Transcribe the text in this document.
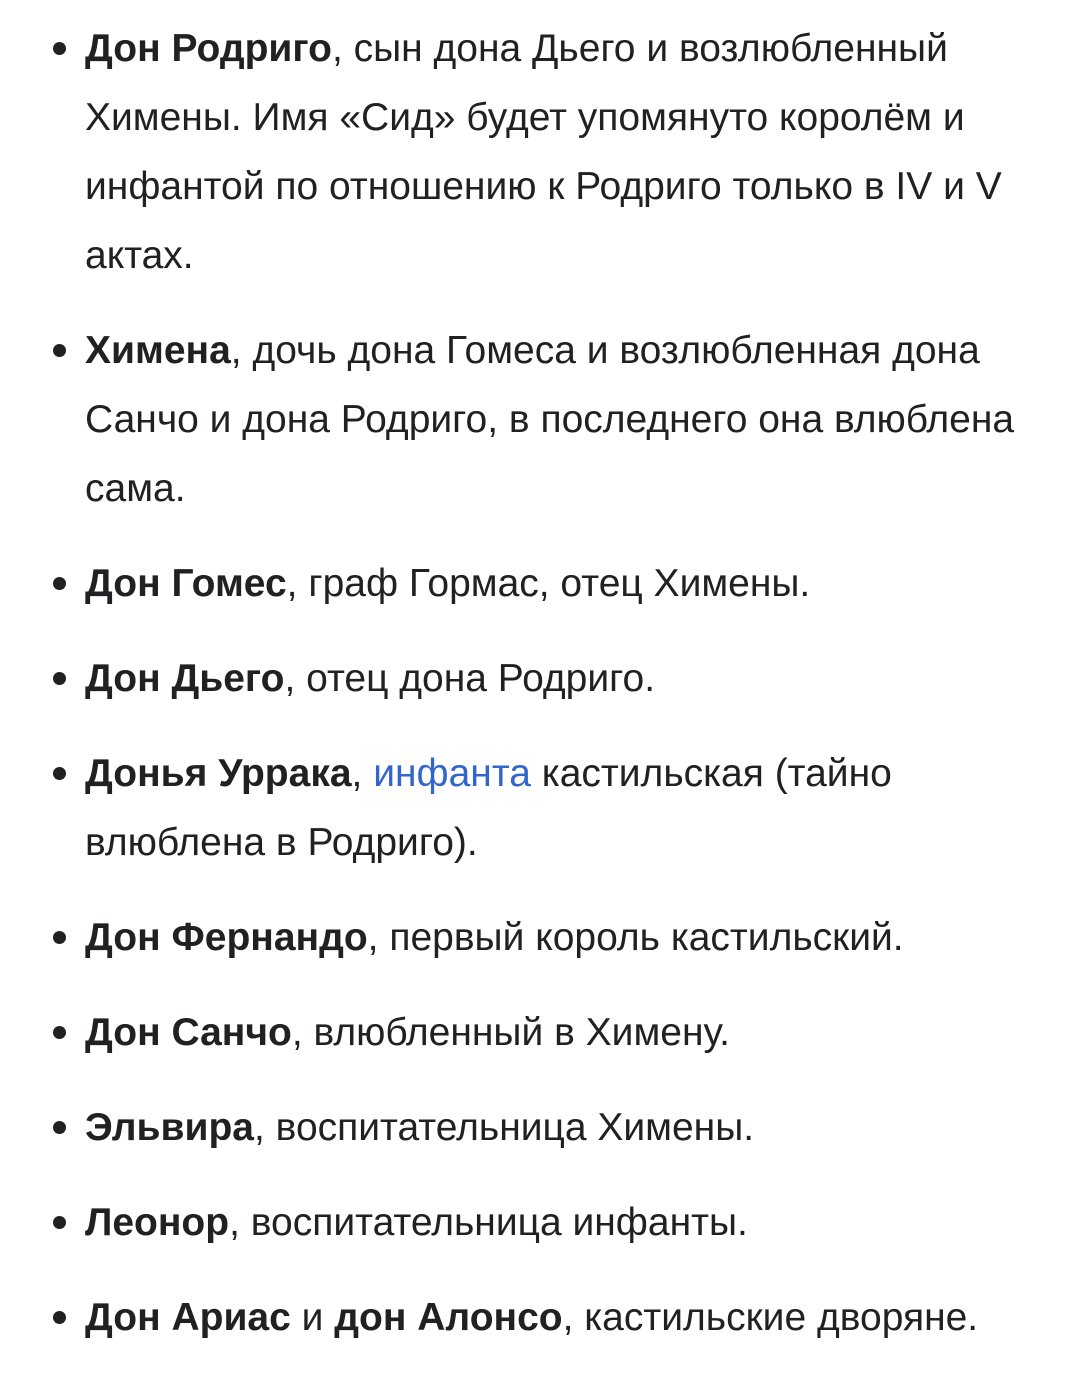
Дон Родриго, сын дона Дьего и возлюбленный Химены. Имя «Сид» будет упомянуто королём и инфантой по отношению к Родриго только в IV и V актах.
Химена, дочь дона Гомеса и возлюбленная дона Санчо и дона Родриго, в последнего она влюблена сама.
Дон Гомес, граф Гормас, отец Химены.
Дон Дьего, отец дона Родриго.
Донья Уррака, инфанта кастильская (тайно влюблена в Родриго).
Дон Фернандо, первый король кастильский.
Дон Санчо, влюбленный в Химену.
Эльвира, воспитательница Химены.
Леонор, воспитательница инфанты.
Дон Ариас и дон Алонсо, кастильские дворяне.
